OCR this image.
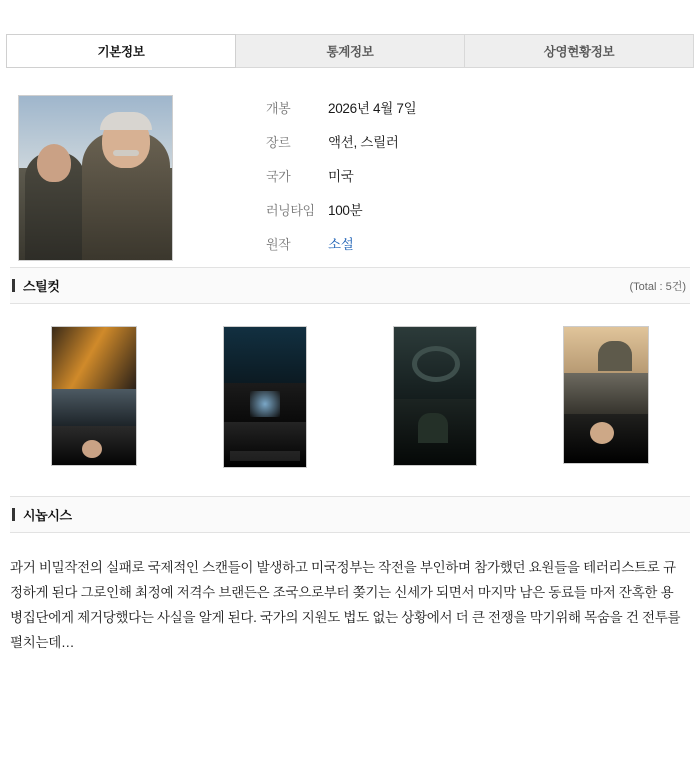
기본정보	통계정보	상영현황정보
개봉	2026년 4월 7일
장르	액션, 스릴러
국가	미국
러닝타임 100분
원작	소설
스틸컷	(Total : 5건)
시놉시스
과거 비밀작전의 실패로 국제적인 스캔들이 발생하고 미국정부는 작전을 부인하며 참가했던 요원들을 테러리스트로 규정하게 된다 그로인해 최정예 저격수 브랜든은 조국으로부터 쫒기는 신세가 되면서 마지막 남은 동료들 마저 잔혹한 용병집단에게 제거당했다는 사실을 알게 된다. 국가의 지원도 법도 없는 상황에서 더 큰 전쟁을 막기위해 목숨을 건 전투를 펼치는데…
